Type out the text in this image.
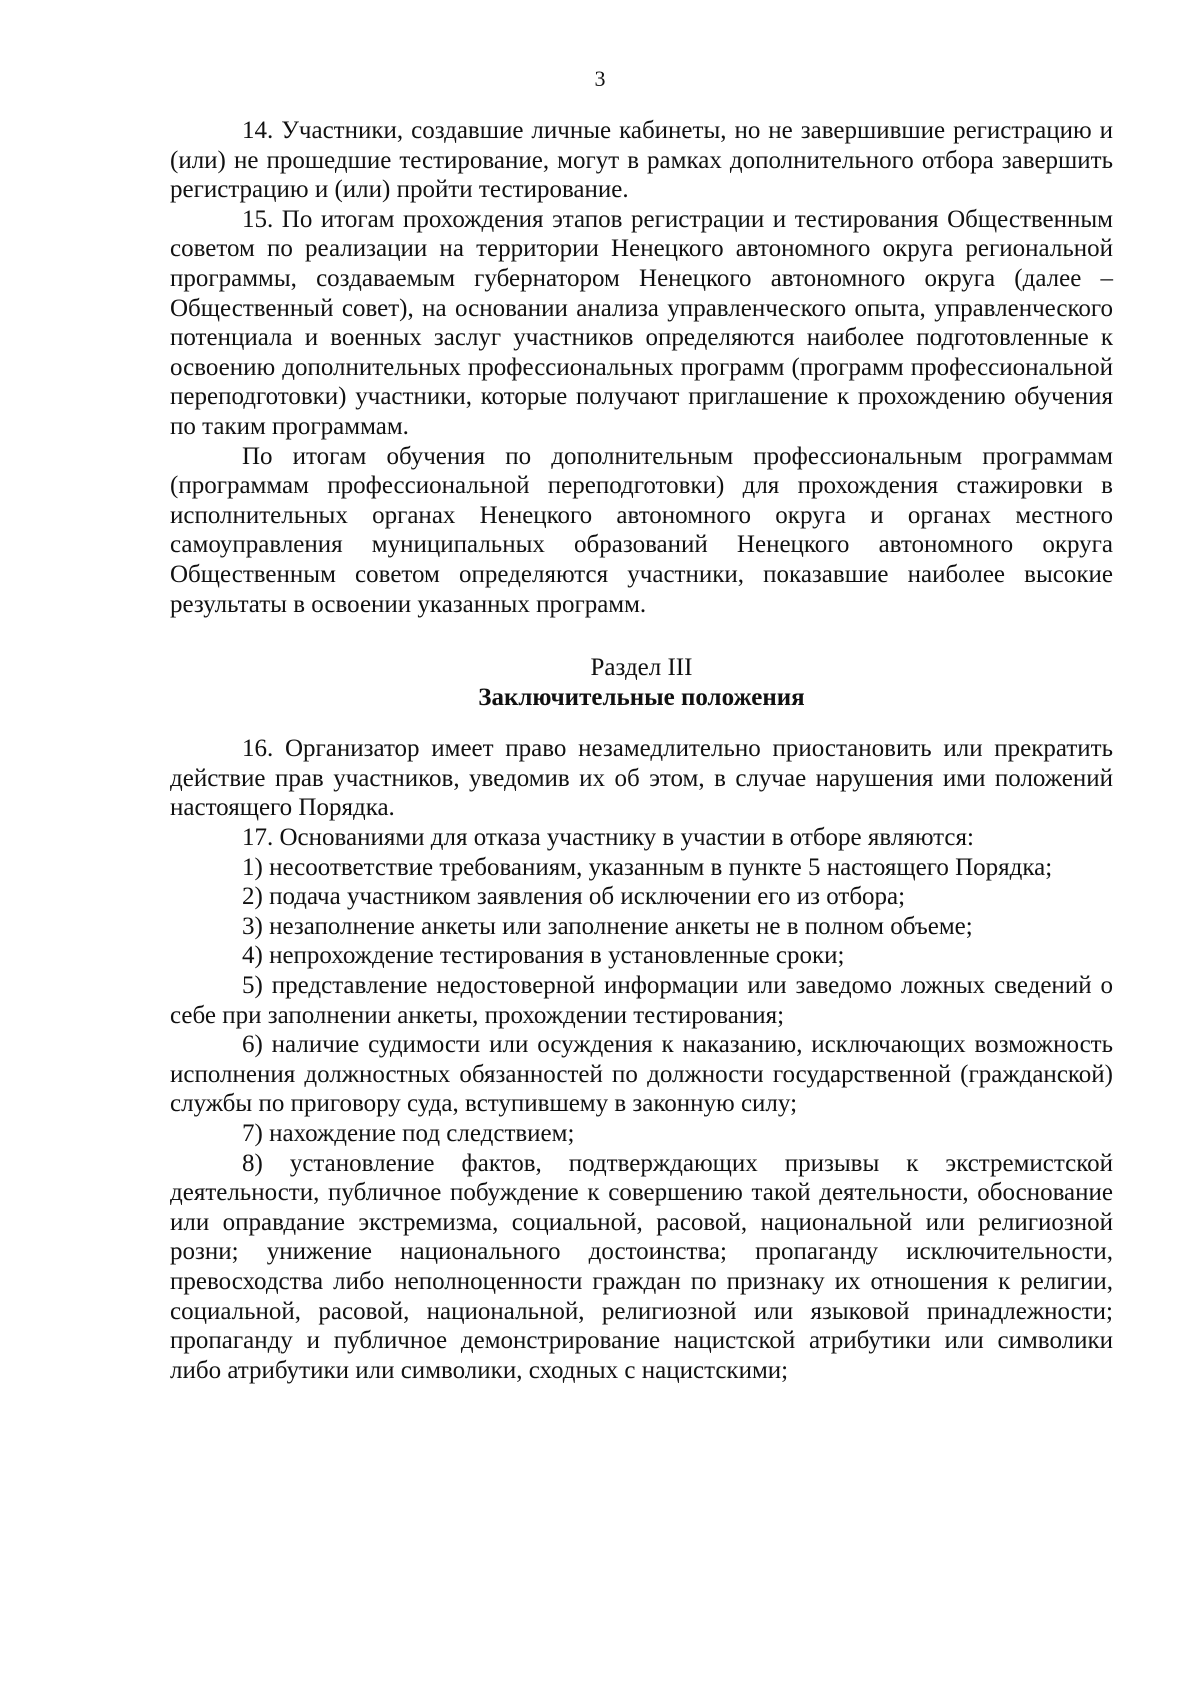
3

14. Участники, создавшие личные кабинеты, но не завершившие регистрацию и (или) не прошедшие тестирование, могут в рамках дополнительного отбора завершить регистрацию и (или) пройти тестирование.

15. По итогам прохождения этапов регистрации и тестирования Общественным советом по реализации на территории Ненецкого автономного округа региональной программы, создаваемым губернатором Ненецкого автономного округа (далее – Общественный совет), на основании анализа управленческого опыта, управленческого потенциала и военных заслуг участников определяются наиболее подготовленные к освоению дополнительных профессиональных программ (программ профессиональной переподготовки) участники, которые получают приглашение к прохождению обучения по таким программам.

По итогам обучения по дополнительным профессиональным программам (программам профессиональной переподготовки) для прохождения стажировки в исполнительных органах Ненецкого автономного округа и органах местного самоуправления муниципальных образований Ненецкого автономного округа Общественным советом определяются участники, показавшие наиболее высокие результаты в освоении указанных программ.

Раздел III

Заключительные положения

16. Организатор имеет право незамедлительно приостановить или прекратить действие прав участников, уведомив их об этом, в случае нарушения ими положений настоящего Порядка.

17. Основаниями для отказа участнику в участии в отборе являются:

1) несоответствие требованиям, указанным в пункте 5 настоящего Порядка;

2) подача участником заявления об исключении его из отбора;

3) незаполнение анкеты или заполнение анкеты не в полном объеме;

4) непрохождение тестирования в установленные сроки;

5) представление недостоверной информации или заведомо ложных сведений о себе при заполнении анкеты, прохождении тестирования;

6) наличие судимости или осуждения к наказанию, исключающих возможность исполнения должностных обязанностей по должности государственной (гражданской) службы по приговору суда, вступившему в законную силу;

7) нахождение под следствием;

8) установление фактов, подтверждающих призывы к экстремистской деятельности, публичное побуждение к совершению такой деятельности, обоснование или оправдание экстремизма, социальной, расовой, национальной или религиозной розни; унижение национального достоинства; пропаганду исключительности, превосходства либо неполноценности граждан по признаку их отношения к религии, социальной, расовой, национальной, религиозной или языковой принадлежности; пропаганду и публичное демонстрирование нацистской атрибутики или символики либо атрибутики или символики, сходных с нацистскими;
